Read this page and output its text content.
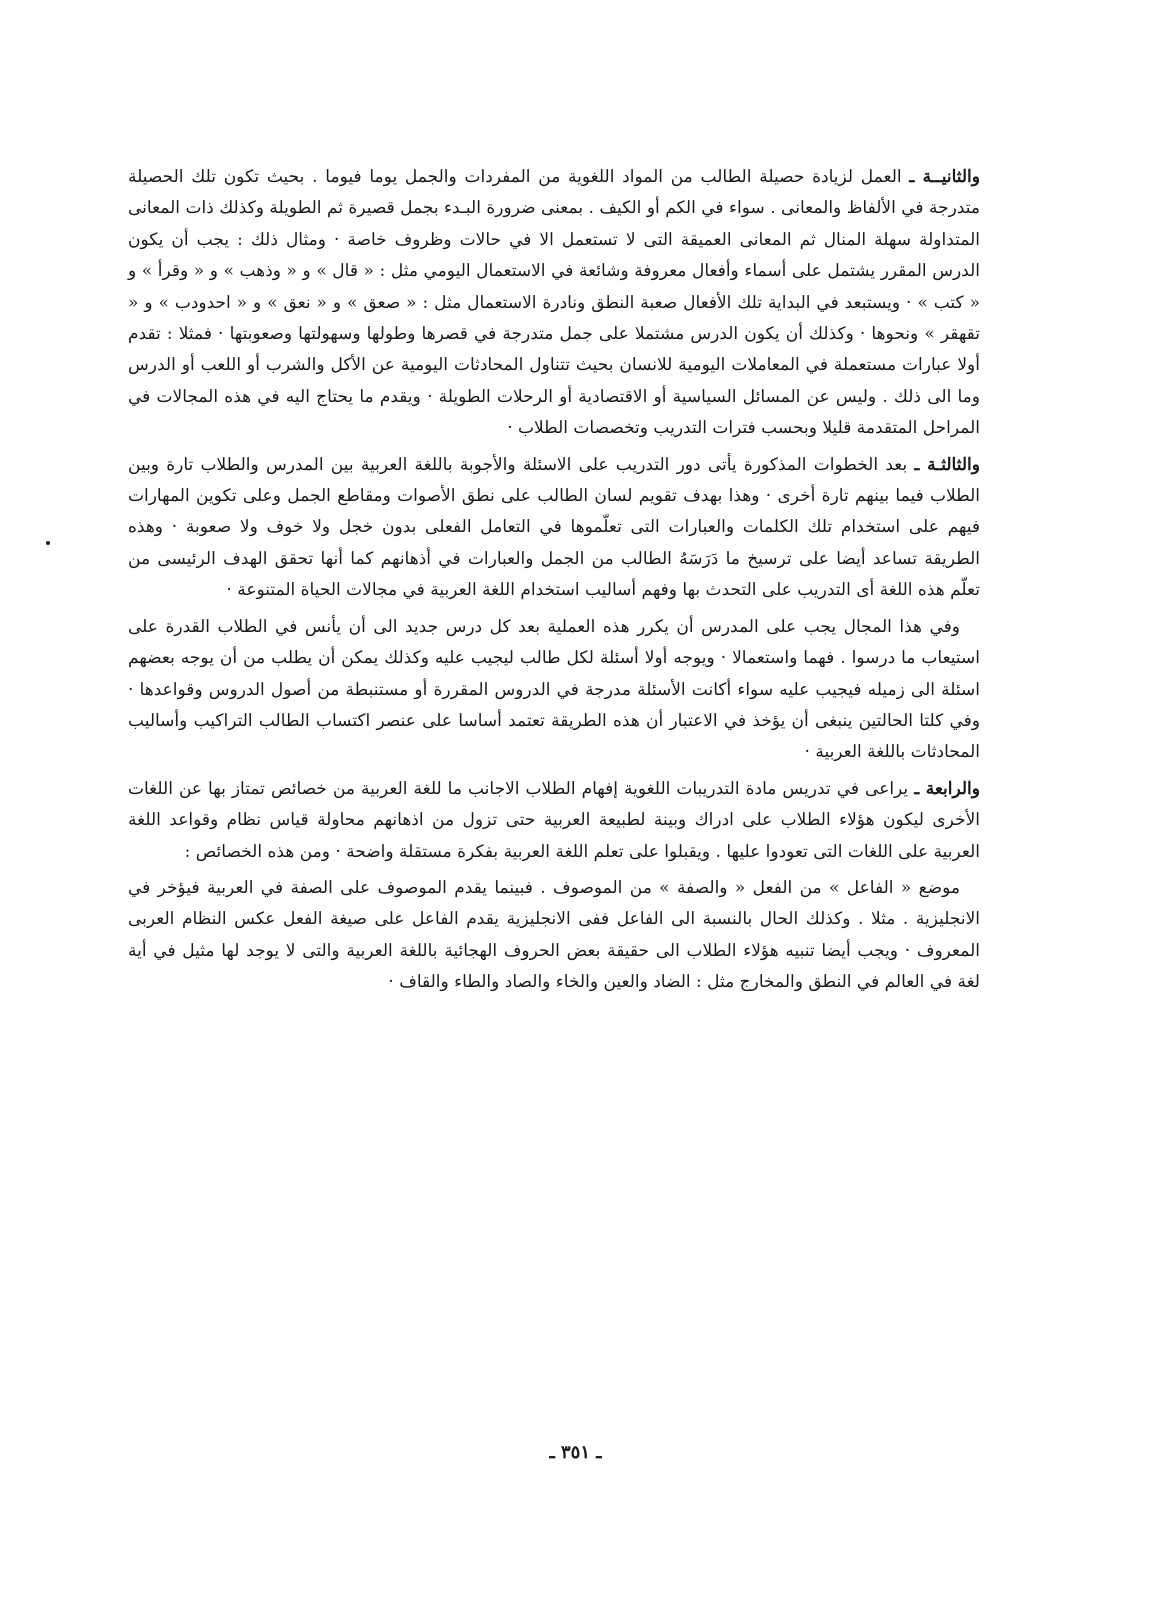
والثانيــة ـ العمل لزيادة حصيلة الطالب من المواد اللغوية من المفردات والجمل يوما فيوما . بحيث تكون تلك الحصيلة متدرجة في الألفاظ والمعانى . سواء في الكم أو الكيف . بمعنى ضرورة البـدء بجمل قصيرة ثم الطويلة وكذلك ذات المعانى المتداولة سهلة المنال ثم المعانى العميقة التى لا تستعمل الا في حالات وظروف خاصة · ومثال ذلك : يجب أن يكون الدرس المقرر يشتمل على أسماء وأفعال معروفة وشائعة في الاستعمال اليومي مثل : « قال » و « وذهب » و « وقرأ » و « كتب » · ويستبعد في البداية تلك الأفعال صعبة النطق ونادرة الاستعمال مثل : « صعق » و « نعق » و « احدودب » و « تقهقر » ونحوها · وكذلك أن يكون الدرس مشتملا على جمل متدرجة في قصرها وطولها وسهولتها وصعوبتها · فمثلا : تقدم أولا عبارات مستعملة في المعاملات اليومية للانسان بحيث تتناول المحادثات اليومية عن الأكل والشرب أو اللعب أو الدرس وما الى ذلك . وليس عن المسائل السياسية أو الاقتصادية أو الرحلات الطويلة · ويقدم ما يحتاج اليه في هذه المجالات في المراحل المتقدمة قليلا وبحسب فترات التدريب وتخصصات الطلاب ·

والثالثـة ـ بعد الخطوات المذكورة يأتى دور التدريب على الاسئلة والأجوبة باللغة العربية بين المدرس والطلاب تارة وبين الطلاب فيما بينهم تارة أخرى · وهذا بهدف تقويم لسان الطالب على نطق الأصوات ومقاطع الجمل وعلى تكوين المهارات فيهم على استخدام تلك الكلمات والعبارات التى تعلّموها في التعامل الفعلى بدون خجل ولا خوف ولا صعوبة · وهذه الطريقة تساعد أيضا على ترسيخ ما دَرَسَهُ الطالب من الجمل والعبارات في أذهانهم كما أنها تحقق الهدف الرئيسى من تعلّم هذه اللغة أى التدريب على التحدث بها وفهم أساليب استخدام اللغة العربية في مجالات الحياة المتنوعة ·

وفي هذا المجال يجب على المدرس أن يكرر هذه العملية بعد كل درس جديد الى أن يأنس في الطلاب القدرة على استيعاب ما درسوا . فهما واستعمالا · ويوجه أولا أسئلة لكل طالب ليجيب عليه وكذلك يمكن أن يطلب من أن يوجه بعضهم اسئلة الى زميله فيجيب عليه سواء أكانت الأسئلة مدرجة في الدروس المقررة أو مستنبطة من أصول الدروس وقواعدها · وفي كلتا الحالتين ينبغى أن يؤخذ في الاعتبار أن هذه الطريقة تعتمد أساسا على عنصر اكتساب الطالب التراكيب وأساليب المحادثات باللغة العربية ·

والرابعة ـ يراعى في تدريس مادة التدريبات اللغوية إفهام الطلاب الاجانب ما للغة العربية من خصائص تمتاز بها عن اللغات الأخرى ليكون هؤلاء الطلاب على ادراك وبينة لطبيعة العربية حتى تزول من اذهانهم محاولة قياس نظام وقواعد اللغة العربية على اللغات التى تعودوا عليها . ويقبلوا على تعلم اللغة العربية بفكرة مستقلة واضحة · ومن هذه الخصائص :

موضع « الفاعل » من الفعل « والصفة » من الموصوف . فبينما يقدم الموصوف على الصفة في العربية فيؤخر في الانجليزية . مثلا . وكذلك الحال بالنسبة الى الفاعل ففى الانجليزية يقدم الفاعل على صيغة الفعل عكس النظام العربى المعروف · ويجب أيضا تنبيه هؤلاء الطلاب الى حقيقة بعض الحروف الهجائية باللغة العربية والتى لا يوجد لها مثيل في أية لغة في العالم في النطق والمخارج مثل : الضاد والعين والخاء والصاد والطاء والقاف ·

ـ ٣٥١ ـ
